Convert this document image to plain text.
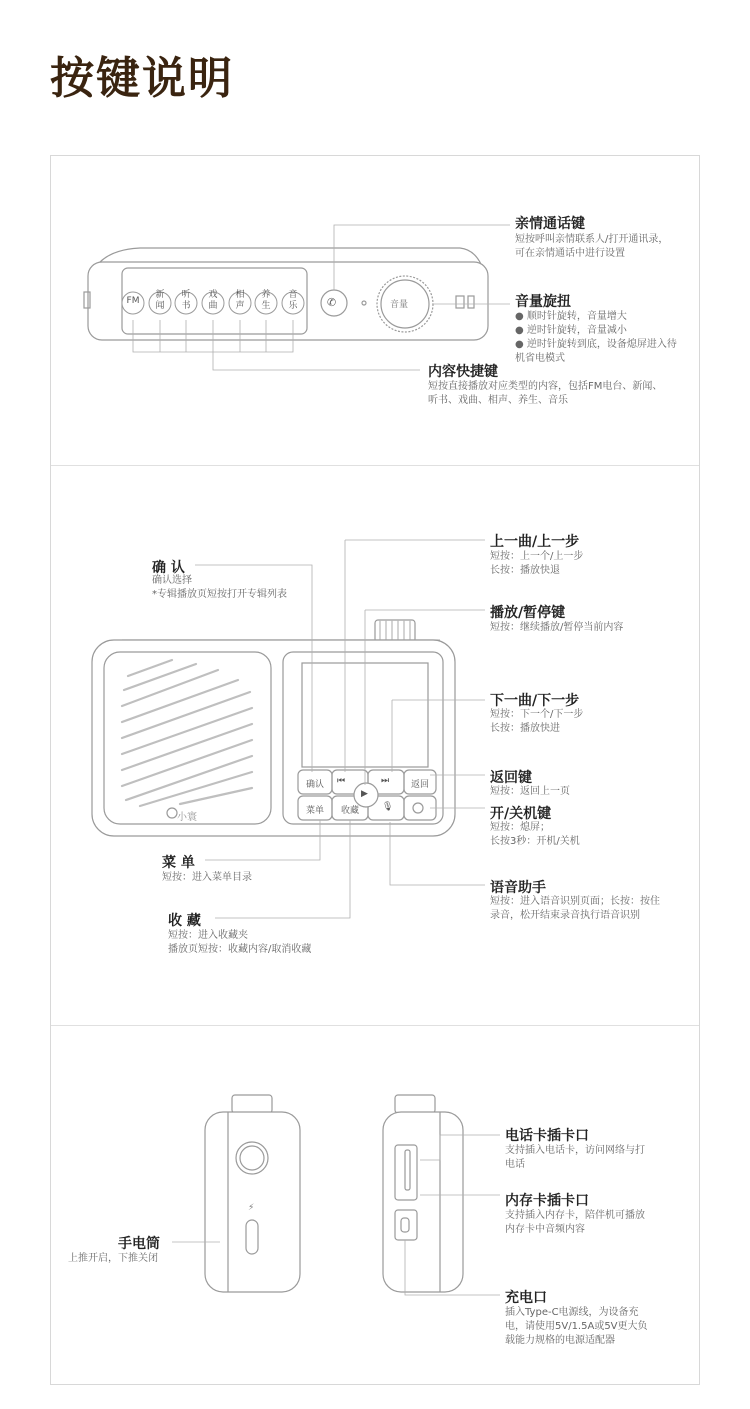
按键说明
FM
新
闻
听
书
戏
曲
相
声
养
生
音
乐	✆	音量
亲情通话键
短按呼叫亲情联系人/打开通讯录，
可在亲情通话中进行设置
音量旋扭
● 顺时针旋转，音量增大
● 逆时针旋转，音量减小
● 逆时针旋转到底，设备熄屏进入待
机省电模式
内容快捷键
短按直接播放对应类型的内容，包括FM电台、新闻、
听书、戏曲、相声、养生、音乐
确认	⏮	⏭	返回
菜单	收藏
▶
🎙
小寰
上一曲/上一步
短按：上一个/上一步
长按：播放快退
播放/暂停键
短按：继续播放/暂停当前内容
下一曲/下一步
短按：下一个/下一步
长按：播放快进
返回键
短按：返回上一页
开/关机键
短按：熄屏；
长按3秒：开机/关机
语音助手
短按：进入语音识别页面；长按：按住
录音，松开结束录音执行语音识别
确 认
确认选择
*专辑播放页短按打开专辑列表
菜 单
短按：进入菜单目录
收 藏
短按：进入收藏夹
播放页短按：收藏内容/取消收藏
手电筒
上推开启，下推关闭
⚡
电话卡插卡口
支持插入电话卡，访问网络与打
电话
内存卡插卡口
支持插入内存卡，陪伴机可播放
内存卡中音频内容
充电口
插入Type-C电源线，为设备充
电，请使用5V/1.5A或5V更大负
载能力规格的电源适配器
